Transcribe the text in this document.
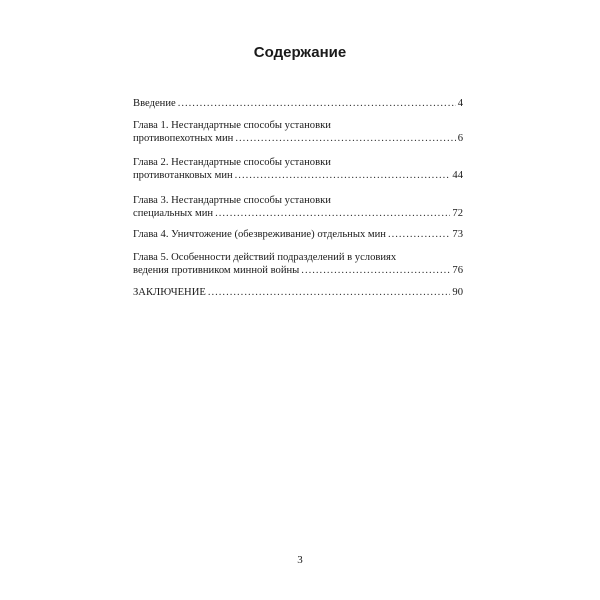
Содержание
Введение .....	4
Глава 1. Нестандартные способы установки
противопехотных мин .....	6
Глава 2. Нестандартные способы установки
противотанковых мин .....	44
Глава 3. Нестандартные способы установки
специальных мин .....	72
Глава 4. Уничтожение (обезвреживание) отдельных мин .....	73
Глава 5. Особенности действий подразделений в условиях
ведения противником минной войны .....	76
ЗАКЛЮЧЕНИЕ .....	90
3
